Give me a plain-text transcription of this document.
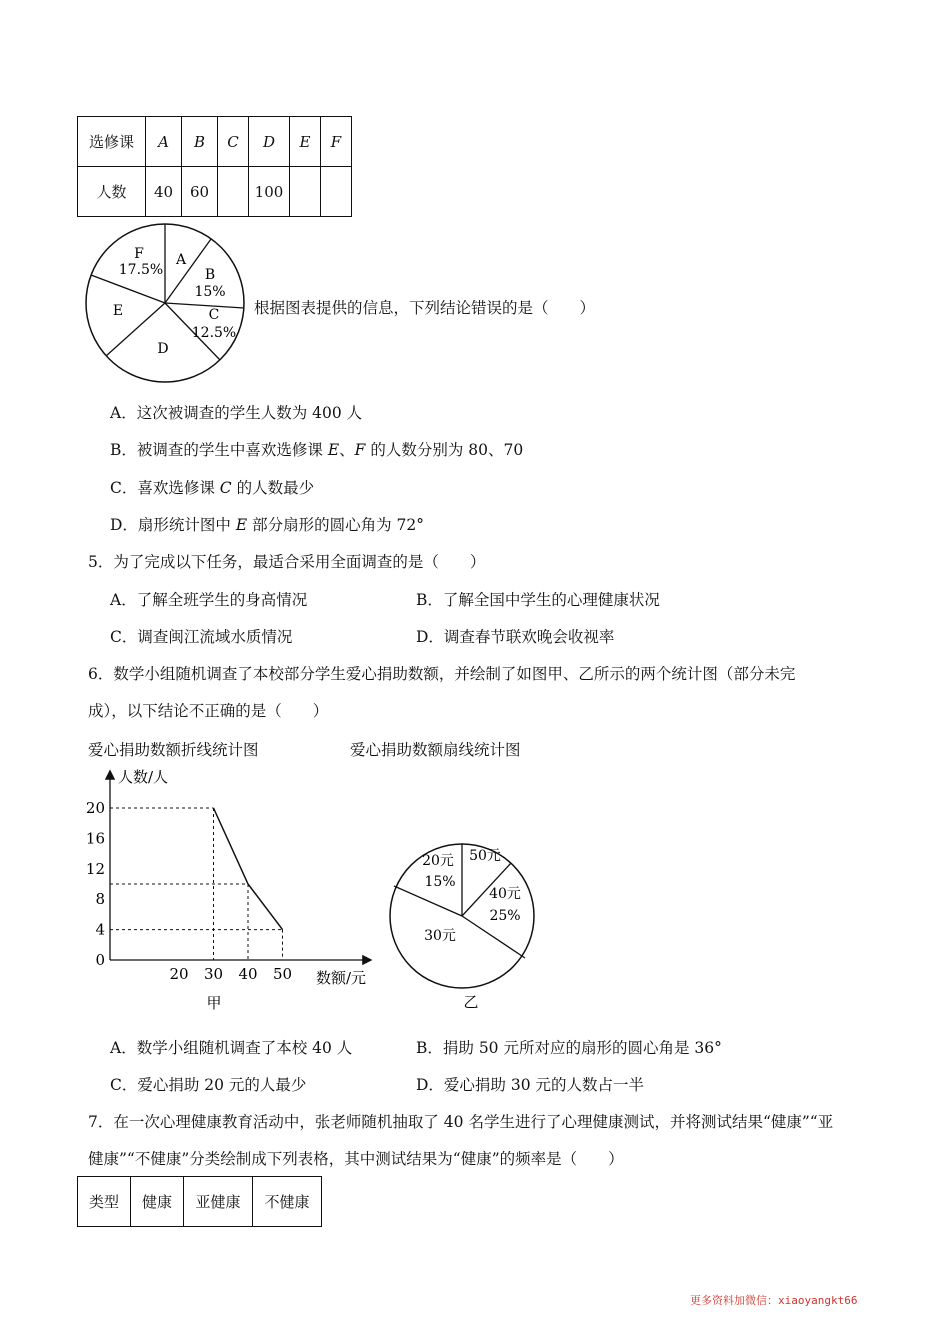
选修课	A	B	C	D	E	F
人数	40	60		100		
F
17.5%
A
B
15%
C
12.5%
E
D
根据图表提供的信息，下列结论错误的是（　　）
A．这次被调查的学生人数为 400 人
B．被调查的学生中喜欢选修课 E、F 的人数分别为 80、70
C．喜欢选修课 C 的人数最少
D．扇形统计图中 E 部分扇形的圆心角为 72°
5．为了完成以下任务，最适合采用全面调查的是（　　）
A．了解全班学生的身高情况	B．了解全国中学生的心理健康状况
C．调查闽江流域水质情况	D．调查春节联欢晚会收视率
6．数学小组随机调查了本校部分学生爱心捐助数额，并绘制了如图甲、乙所示的两个统计图（部分未完
成），以下结论不正确的是（　　）
爱心捐助数额折线统计图	爱心捐助数额扇线统计图
人数/人
数额/元
0
4
8
12
16
20
20 30 40 50
甲
20元
15%
50元
40元
25%
30元
乙
A．数学小组随机调查了本校 40 人	B．捐助 50 元所对应的扇形的圆心角是 36°
C．爱心捐助 20 元的人最少	D．爱心捐助 30 元的人数占一半
7．在一次心理健康教育活动中，张老师随机抽取了 40 名学生进行了心理健康测试，并将测试结果“健康”“亚
健康”“不健康”分类绘制成下列表格，其中测试结果为“健康”的频率是（　　）
类型	健康	亚健康	不健康
更多资料加微信：xiaoyangkt66
